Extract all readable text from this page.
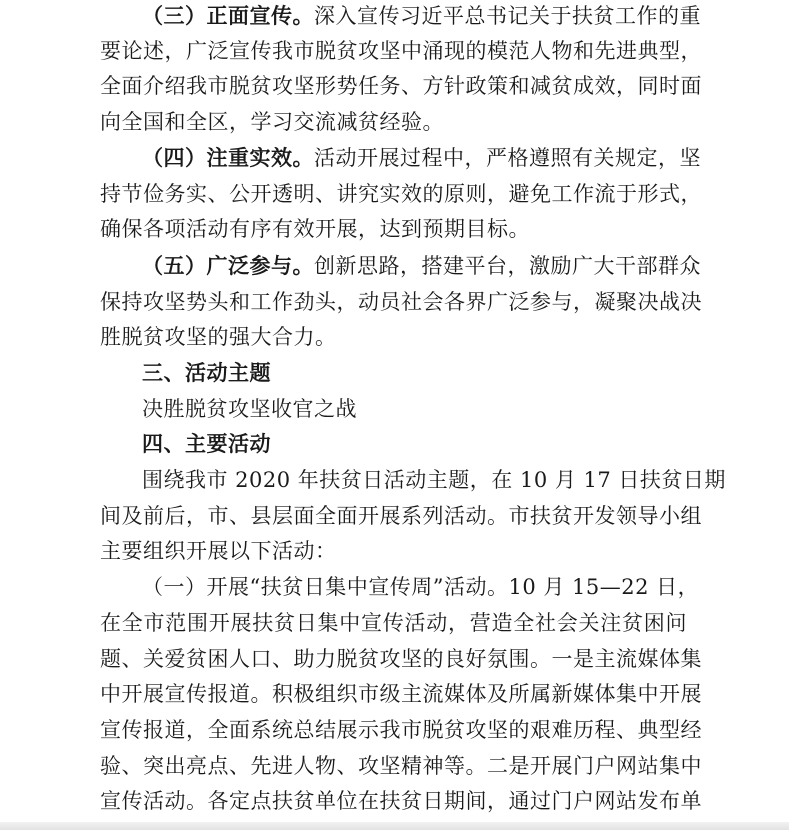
（三）正面宣传。深入宣传习近平总书记关于扶贫工作的重
要论述，广泛宣传我市脱贫攻坚中涌现的模范人物和先进典型，
全面介绍我市脱贫攻坚形势任务、方针政策和减贫成效，同时面
向全国和全区，学习交流减贫经验。
（四）注重实效。活动开展过程中，严格遵照有关规定，坚
持节俭务实、公开透明、讲究实效的原则，避免工作流于形式，
确保各项活动有序有效开展，达到预期目标。
（五）广泛参与。创新思路，搭建平台，激励广大干部群众
保持攻坚势头和工作劲头，动员社会各界广泛参与，凝聚决战决
胜脱贫攻坚的强大合力。
三、活动主题
决胜脱贫攻坚收官之战
四、主要活动
围绕我市 2020 年扶贫日活动主题，在 10 月 17 日扶贫日期
间及前后，市、县层面全面开展系列活动。市扶贫开发领导小组
主要组织开展以下活动：
（一）开展“扶贫日集中宣传周”活动。10 月 15—22 日，
在全市范围开展扶贫日集中宣传活动，营造全社会关注贫困问
题、关爱贫困人口、助力脱贫攻坚的良好氛围。一是主流媒体集
中开展宣传报道。积极组织市级主流媒体及所属新媒体集中开展
宣传报道，全面系统总结展示我市脱贫攻坚的艰难历程、典型经
验、突出亮点、先进人物、攻坚精神等。二是开展门户网站集中
宣传活动。各定点扶贫单位在扶贫日期间，通过门户网站发布单
